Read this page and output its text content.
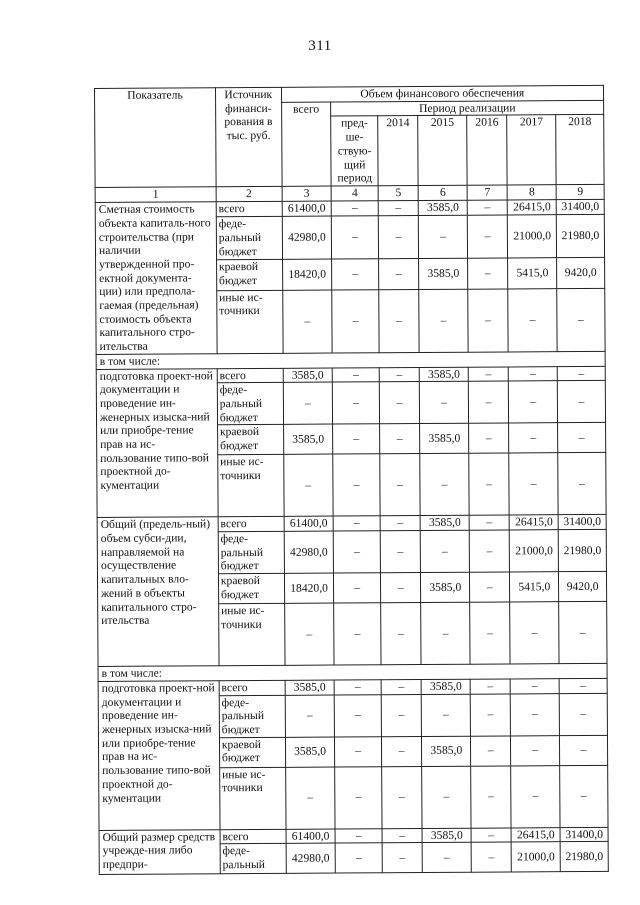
311
Показатель	Источник финанси-рования в тыс. руб.	Объем финансового обеспечения						
		всего	Период реализации					
			пред-ше-ствую-щий период	2014	2015	2016	2017	2018
1	2	3	4	5	6	7	8	9
Сметная стоимость объекта капиталь-ного строительства (при наличии утвержденной про-ектной документа-ции) или предпола-гаемая (предельная) стоимость объекта капитального стро-ительства	всего	61400,0	–	–	3585,0	–	26415,0	31400,0
	феде-ральный бюджет	42980,0	–	–	–	–	21000,0	21980,0
	краевой бюджет	18420,0	–	–	3585,0	–	5415,0	9420,0
	иные ис-точники	–	–	–	–	–	–	–
в том числе:								
подготовка проект-ной документации и проведение ин-женерных изыска-ний или приобре-тение прав на ис-пользование типо-вой проектной до-кументации	всего	3585,0	–	–	3585,0	–	–	–
	феде-ральный бюджет	–	–	–	–	–	–	–
	краевой бюджет	3585,0	–	–	3585,0	–	–	–
	иные ис-точники	–	–	–	–	–	–	–
Общий (предель-ный) объем субси-дии, направляемой на осуществление капитальных вло-жений в объекты капитального стро-ительства	всего	61400,0	–	–	3585,0	–	26415,0	31400,0
	феде-ральный бюджет	42980,0	–	–	–	–	21000,0	21980,0
	краевой бюджет	18420,0	–	–	3585,0	–	5415,0	9420,0
	иные ис-точники	–	–	–	–	–	–	–
в том числе:								
подготовка проект-ной документации и проведение ин-женерных изыска-ний или приобре-тение прав на ис-пользование типо-вой проектной до-кументации	всего	3585,0	–	–	3585,0	–	–	–
	феде-ральный бюджет	–	–	–	–	–	–	–
	краевой бюджет	3585,0	–	–	3585,0	–	–	–
	иные ис-точники	–	–	–	–	–	–	–
Общий размер средств учрежде-ния либо предпри-	всего	61400,0	–	–	3585,0	–	26415,0	31400,0
	феде-ральный	42980,0	–	–	–	–	21000,0	21980,0
